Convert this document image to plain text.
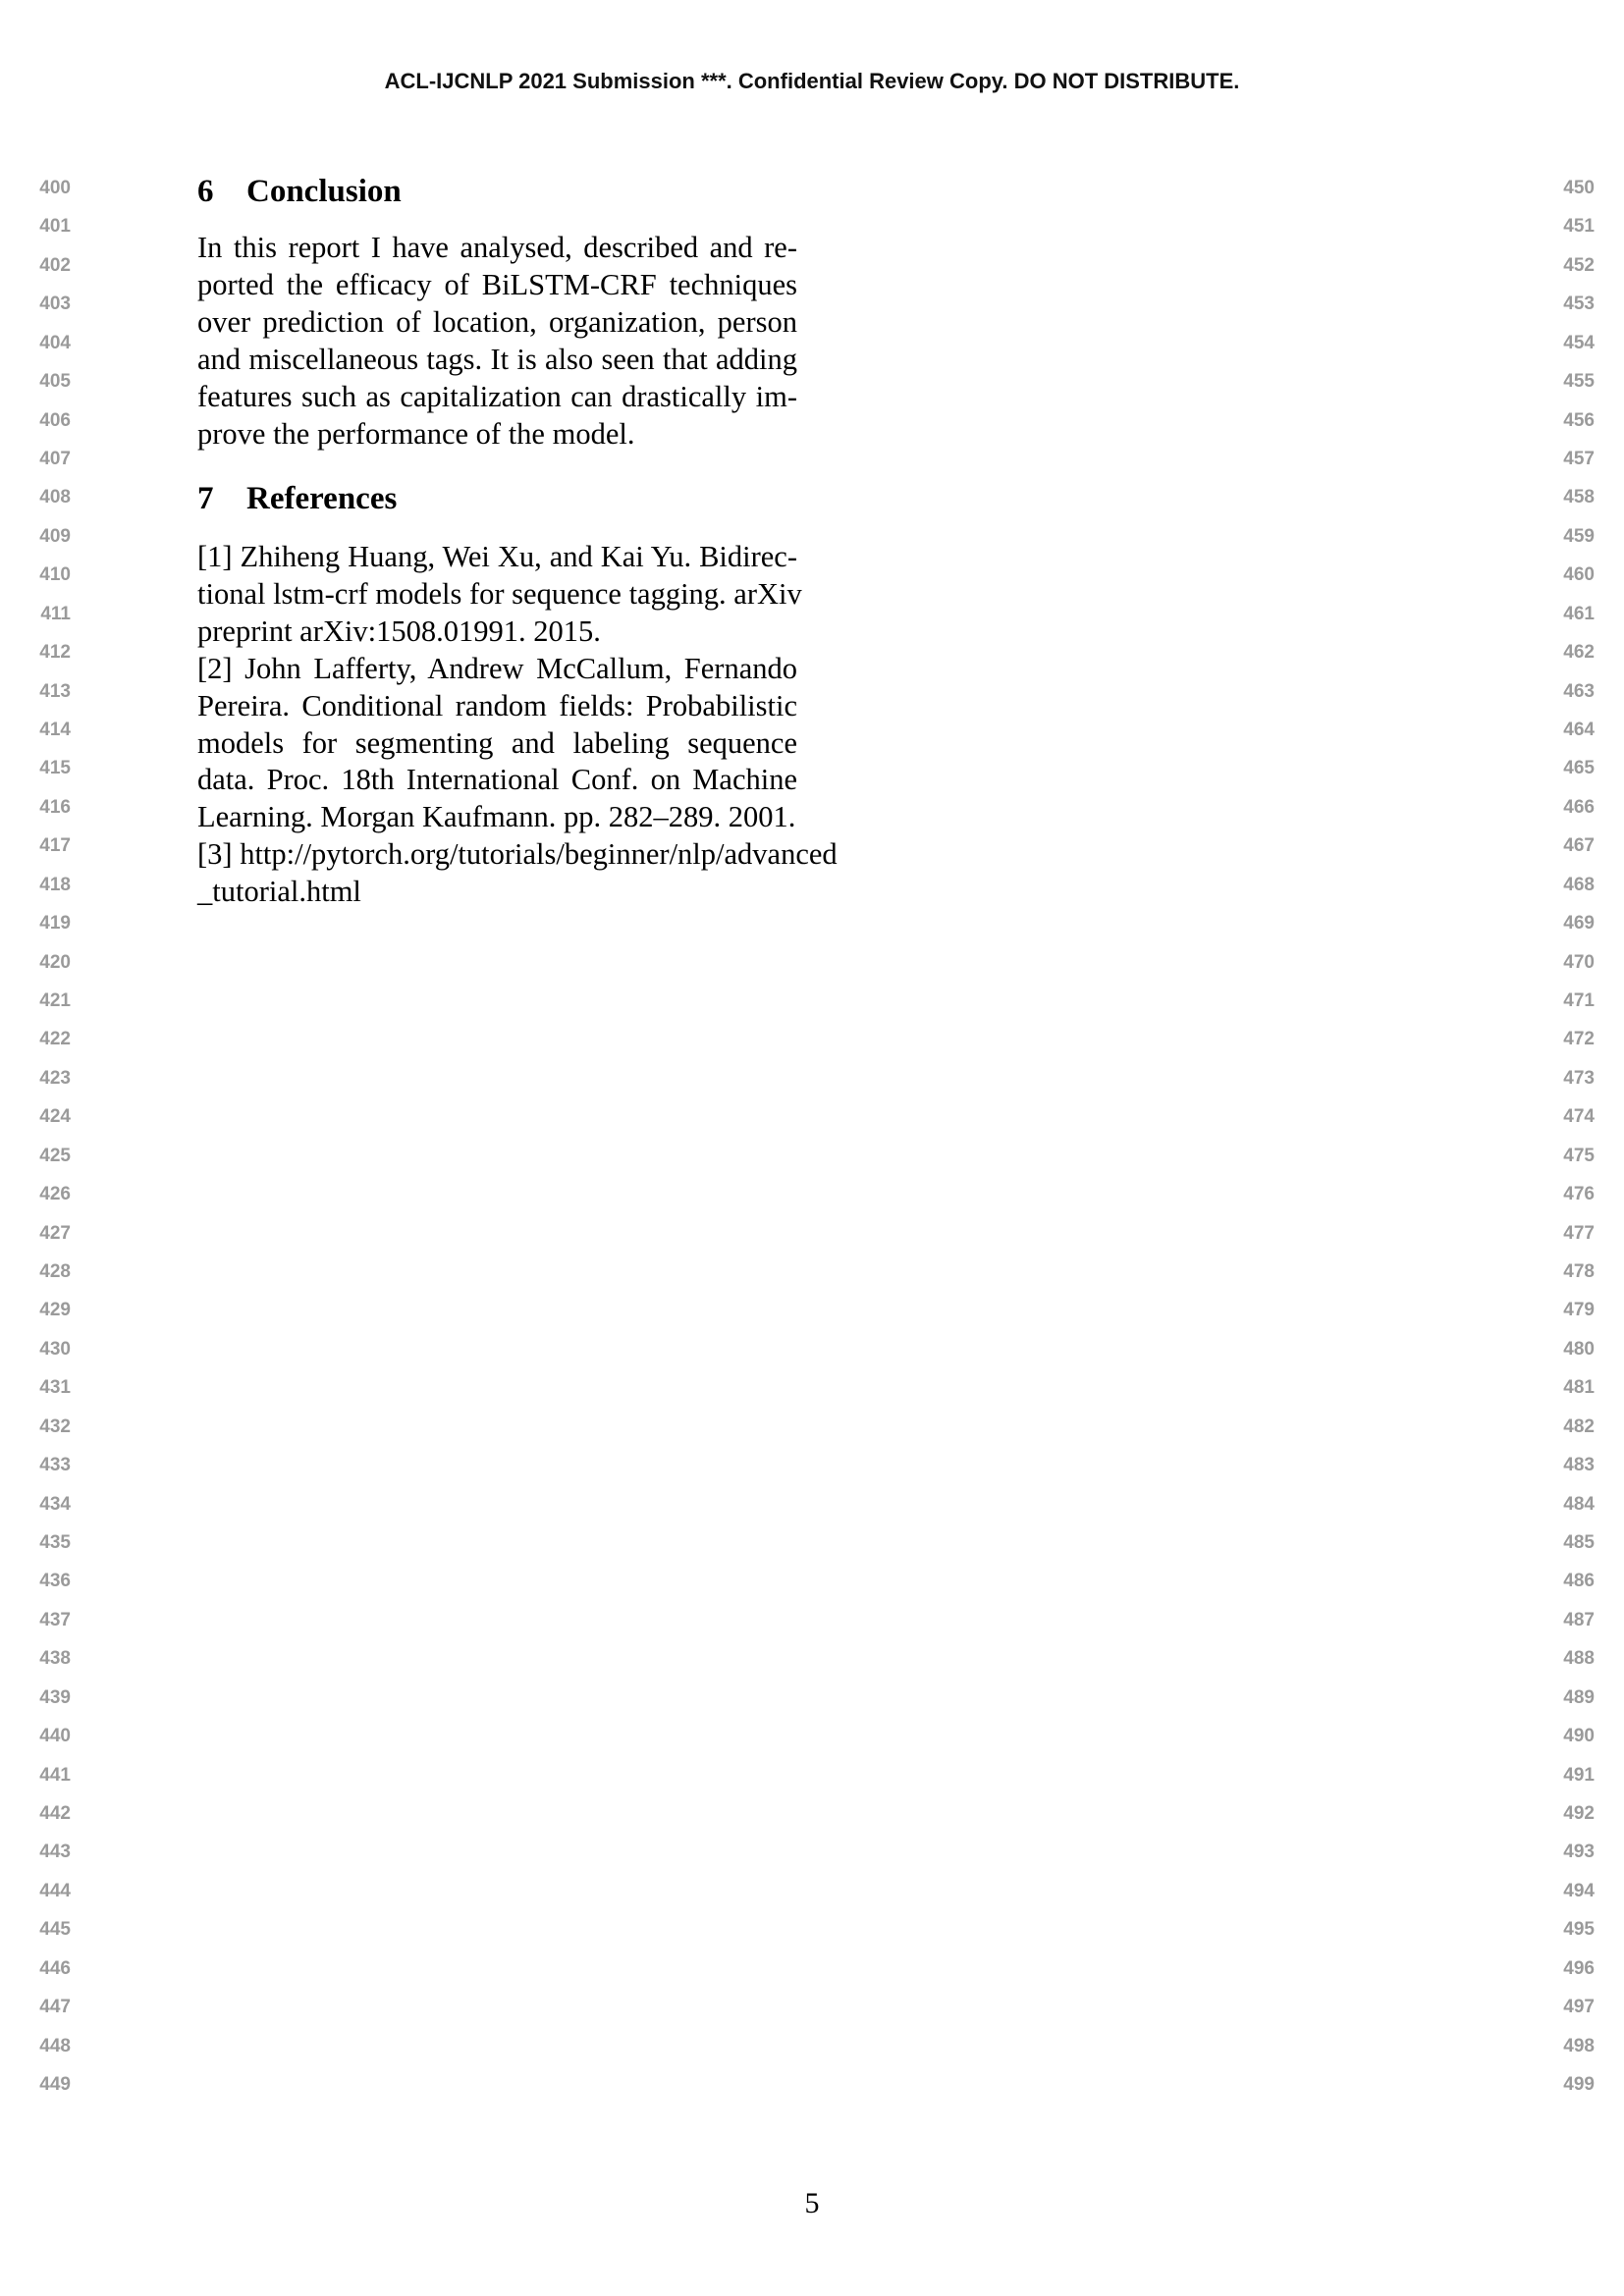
ACL-IJCNLP 2021 Submission ***. Confidential Review Copy. DO NOT DISTRIBUTE.
400
401
402
403
404
405
406
407
408
409
410
411
412
413
414
415
416
417
418
419
420
421
422
423
424
425
426
427
428
429
430
431
432
433
434
435
436
437
438
439
440
441
442
443
444
445
446
447
448
449
450
451
452
453
454
455
456
457
458
459
460
461
462
463
464
465
466
467
468
469
470
471
472
473
474
475
476
477
478
479
480
481
482
483
484
485
486
487
488
489
490
491
492
493
494
495
496
497
498
499
6 Conclusion
In this report I have analysed, described and re-
ported the efficacy of BiLSTM-CRF techniques
over prediction of location, organization, person
and miscellaneous tags. It is also seen that adding
features such as capitalization can drastically im-
prove the performance of the model.
7 References
[1] Zhiheng Huang, Wei Xu, and Kai Yu. Bidirec-
tional lstm-crf models for sequence tagging. arXiv
preprint arXiv:1508.01991. 2015.
[2] John Lafferty, Andrew McCallum, Fernando
Pereira. Conditional random fields: Probabilistic
models for segmenting and labeling sequence
data. Proc. 18th International Conf. on Machine
Learning. Morgan Kaufmann. pp. 282–289. 2001.
[3] http://pytorch.org/tutorials/beginner/nlp/advanced
_tutorial.html
5
